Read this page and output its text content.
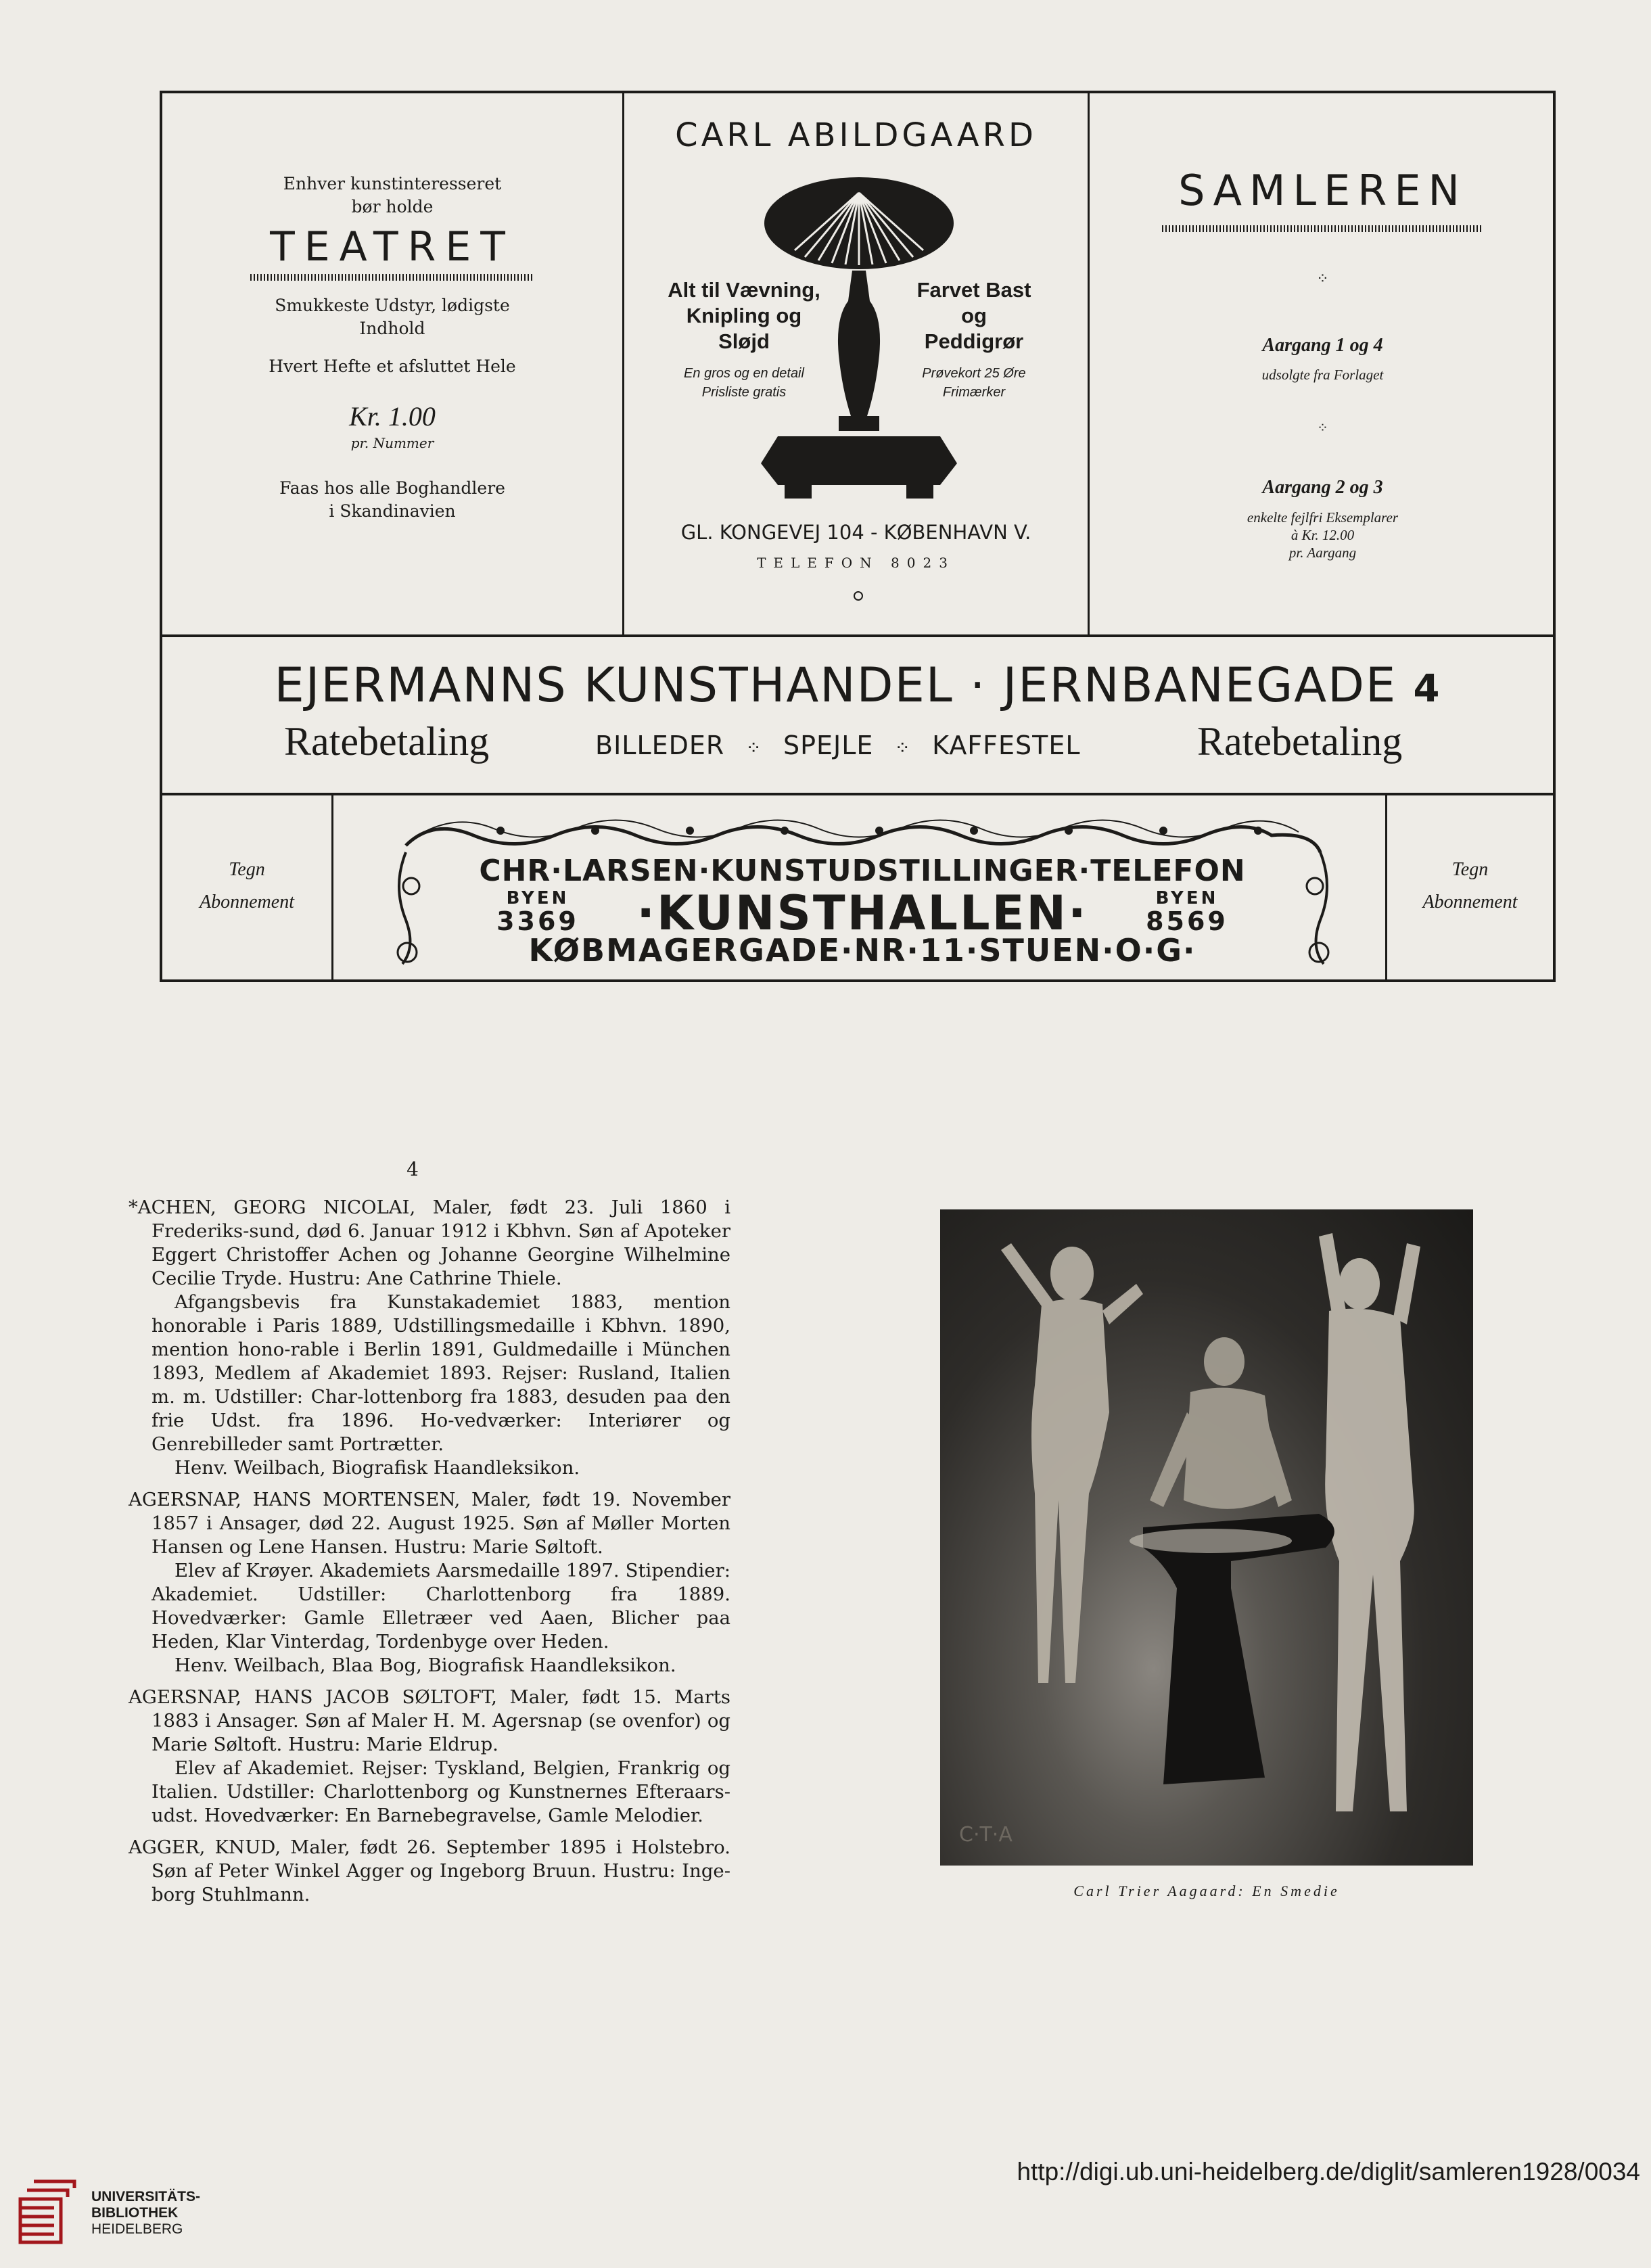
Enhver kunstinteresseret
bør holde
TEATRET
Smukkeste Udstyr, lødigste
Indhold
Hvert Hefte et afsluttet Hele
Kr. 1.00
pr. Nummer
Faas hos alle Boghandlere
i Skandinavien
CARL ABILDGAARD
Alt til Vævning,
Knipling og
Sløjd
En gros og en detail
Prisliste gratis
Farvet Bast
og
Peddigrør
Prøvekort 25 Øre
Frimærker
GL. KONGEVEJ 104 - KØBENHAVN V.
TELEFON 8023
SAMLEREN
⁘
Aargang 1 og 4
udsolgte fra Forlaget
⁘
Aargang 2 og 3
enkelte fejlfri Eksemplarer
à Kr. 12.00
pr. Aargang
EJERMANNS KUNSTHANDEL · JERNBANEGADE 4
Ratebetaling	Ratebetaling
BILLEDER ⁘ SPEJLE ⁘ KAFFESTEL
Tegn
Abonnement
Tegn
Abonnement
CHR·LARSEN·KUNSTUDSTILLINGER·TELEFON
BYEN
3369	·KUNSTHALLEN·	BYEN
8569
KØBMAGERGADE·NR·11·STUEN·O·G·
4

*ACHEN, GEORG NICOLAI, Maler, født 23. Juli 1860 i Frederiks-sund, død 6. Januar 1912 i Kbhvn. Søn af Apoteker Eggert Christoffer Achen og Johanne Georgine Wilhelmine Cecilie Tryde. Hustru: Ane Cathrine Thiele.

Afgangsbevis fra Kunstakademiet 1883, mention honorable i Paris 1889, Udstillingsmedaille i Kbhvn. 1890, mention hono-rable i Berlin 1891, Guldmedaille i München 1893, Medlem af Akademiet 1893. Rejser: Rusland, Italien m. m. Udstiller: Char-lottenborg fra 1883, desuden paa den frie Udst. fra 1896. Ho-vedværker: Interiører og Genrebilleder samt Portrætter.

Henv. Weilbach, Biografisk Haandleksikon.

AGERSNAP, HANS MORTENSEN, Maler, født 19. November 1857 i Ansager, død 22. August 1925. Søn af Møller Morten Hansen og Lene Hansen. Hustru: Marie Søltoft.

Elev af Krøyer. Akademiets Aarsmedaille 1897. Stipendier: Akademiet. Udstiller: Charlottenborg fra 1889. Hovedværker: Gamle Elletræer ved Aaen, Blicher paa Heden, Klar Vinterdag, Tordenbyge over Heden.

Henv. Weilbach, Blaa Bog, Biografisk Haandleksikon.

AGERSNAP, HANS JACOB SØLTOFT, Maler, født 15. Marts 1883 i Ansager. Søn af Maler H. M. Agersnap (se ovenfor) og Marie Søltoft. Hustru: Marie Eldrup.

Elev af Akademiet. Rejser: Tyskland, Belgien, Frankrig og Italien. Udstiller: Charlottenborg og Kunstnernes Efteraars-udst. Hovedværker: En Barnebegravelse, Gamle Melodier.

AGGER, KNUD, Maler, født 26. September 1895 i Holstebro. Søn af Peter Winkel Agger og Ingeborg Bruun. Hustru: Inge-borg Stuhlmann.

C·T·A
Carl Trier Aagaard: En Smedie
UNIVERSITÄTS-
BIBLIOTHEK
HEIDELBERG
http://digi.ub.uni-heidelberg.de/diglit/samleren1928/0034
